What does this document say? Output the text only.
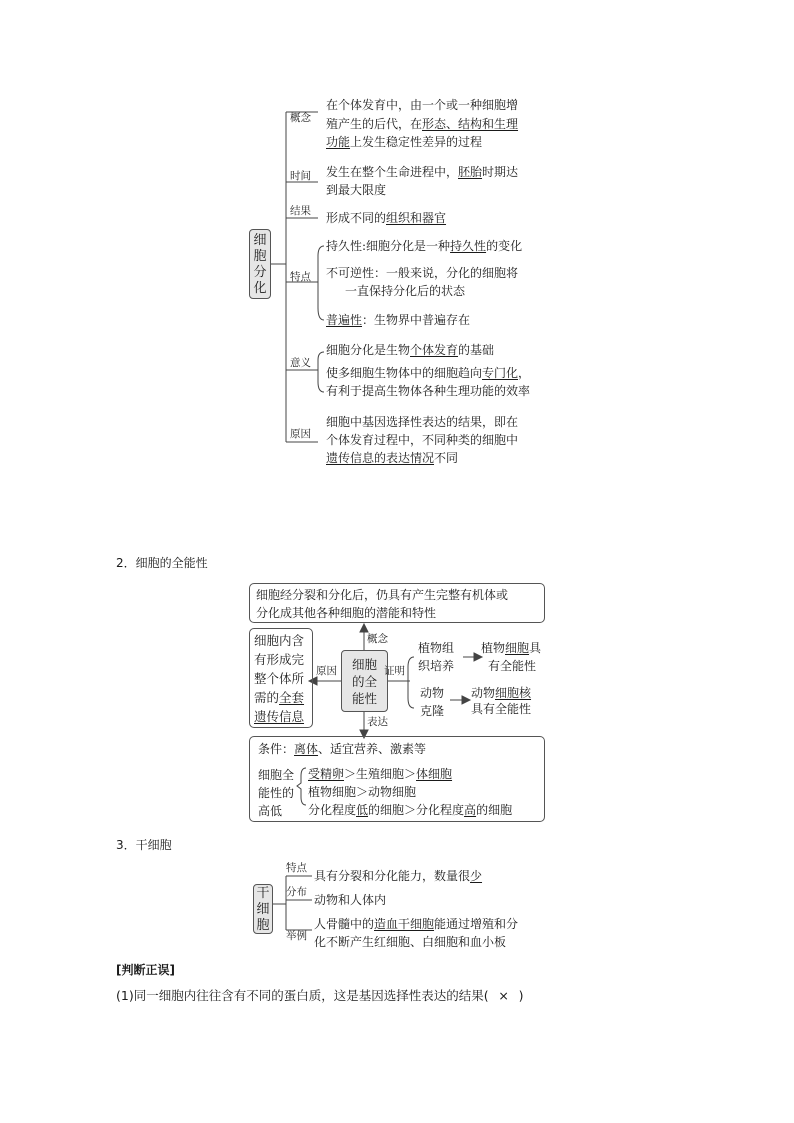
细
胞
分
化
概念
在个体发育中，由一个或一种细胞增
殖产生的后代，在形态、结构和生理
功能上发生稳定性差异的过程
时间 发生在整个生命进程中，胚胎时期达
到最大限度
结果 形成不同的组织和器官
特点
持久性:细胞分化是一种持久性的变化
不可逆性：一般来说，分化的细胞将
一直保持分化后的状态
普遍性：生物界中普遍存在
意义
细胞分化是生物个体发育的基础
使多细胞生物体中的细胞趋向专门化，
有利于提高生物体各种生理功能的效率
原因
细胞中基因选择性表达的结果，即在
个体发育过程中，不同种类的细胞中
遗传信息的表达情况不同
2．细胞的全能性
细胞经分裂和分化后，仍具有产生完整有机体或
分化成其他各种细胞的潜能和特性
细胞内含
有形成完
整个体所
需的全套
遗传信息
细胞
的全
能性
概念
原因	证明
表达
植物组
织培养
植物细胞具
有全能性
动物
克隆
动物细胞核
具有全能性
条件：离体、适宜营养、激素等
细胞全
能性的
高低
受精卵＞生殖细胞＞体细胞
植物细胞＞动物细胞
分化程度低的细胞＞分化程度高的细胞
3．干细胞
干
细
胞
特点
分布
举例
具有分裂和分化能力，数量很少
动物和人体内
人骨髓中的造血干细胞能通过增殖和分
化不断产生红细胞、白细胞和血小板
[判断正误]
(1)同一细胞内往往含有不同的蛋白质，这是基因选择性表达的结果( × )
